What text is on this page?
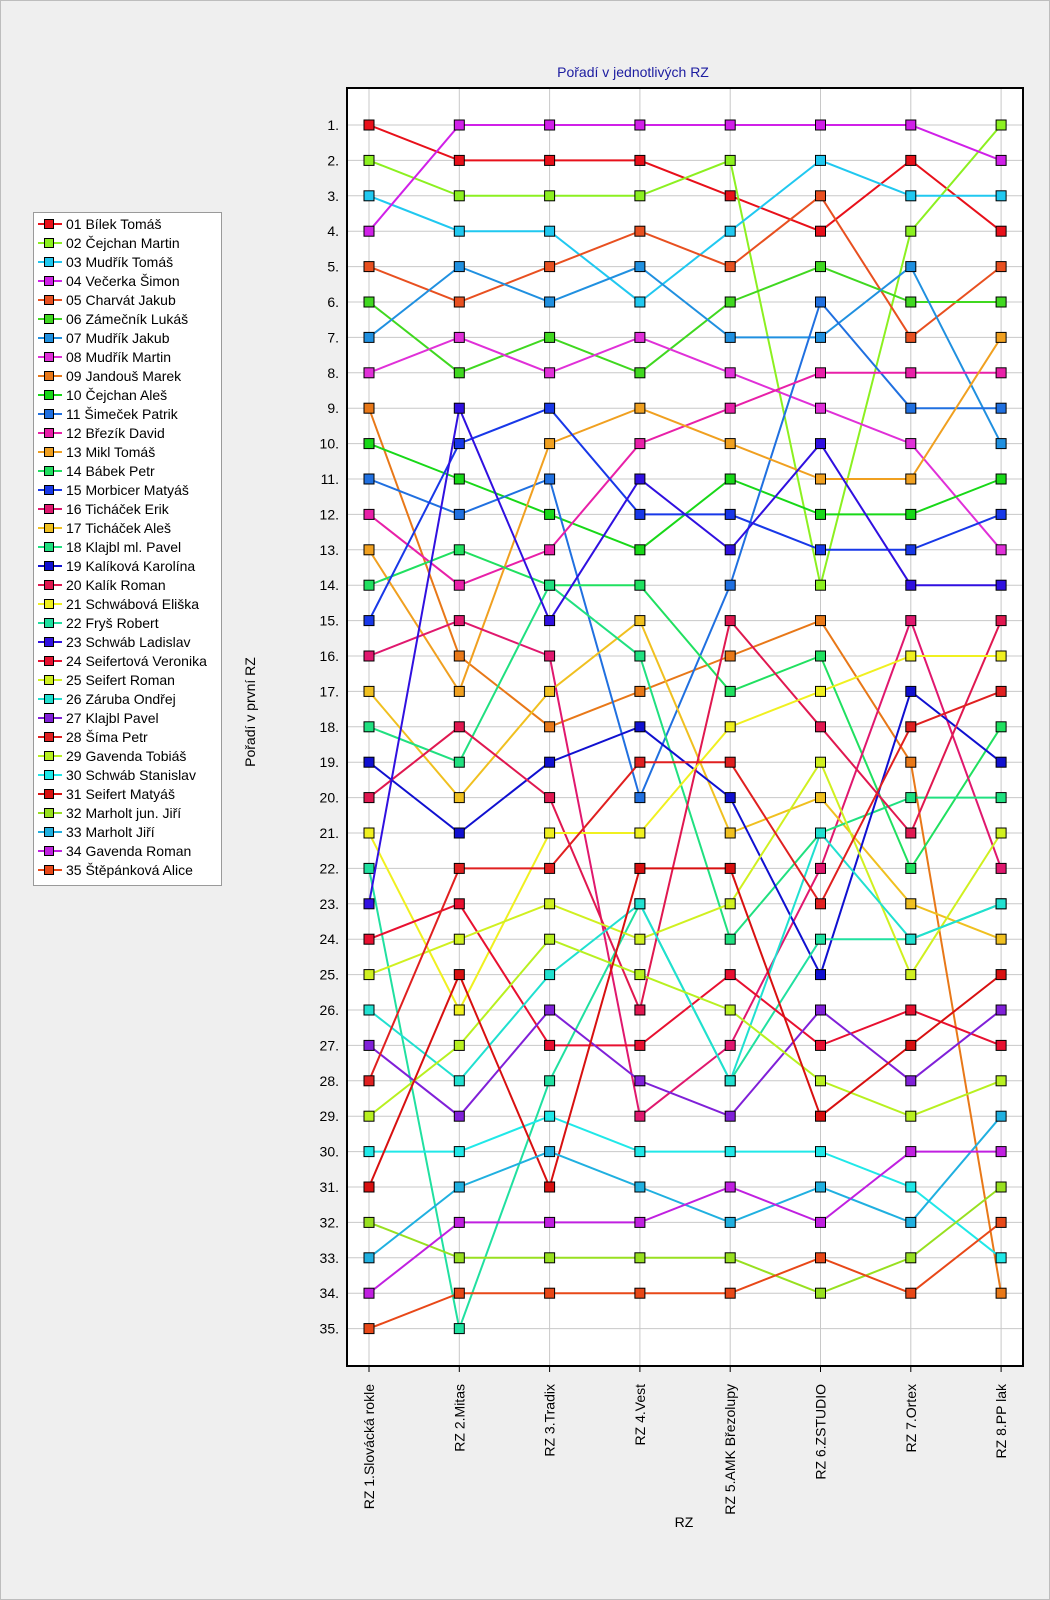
Pořadí v jednotlivých RZ
1.
2.
3.
4.
5.
6.
7.
8.
9.
10.
11.
12.
13.
14.
15.
16.
17.
18.
19.
20.
21.
22.
23.
24.
25.
26.
27.
28.
29.
30.
31.
32.
33.
34.
35.
RZ 1.Slovácká rokle	RZ 2.Mitas	RZ 3.Tradix	RZ 4.Vest	RZ 5.AMK Březolupy	RZ 6.ZSTUDIO	RZ 7.Ortex	RZ 8.PP lak
Pořadí v první RZ
RZ
01 Bílek Tomáš
02 Čejchan Martin
03 Mudřík Tomáš
04 Večerka Šimon
05 Charvát Jakub
06 Zámečník Lukáš
07 Mudřík Jakub
08 Mudřík Martin
09 Jandouš Marek
10 Čejchan Aleš
11 Šimeček Patrik
12 Březík David
13 Mikl Tomáš
14 Bábek Petr
15 Morbicer Matyáš
16 Ticháček Erik
17 Ticháček Aleš
18 Klajbl ml. Pavel
19 Kalíková Karolína
20 Kalík Roman
21 Schwábová Eliška
22 Fryš Robert
23 Schwáb Ladislav
24 Seifertová Veronika
25 Seifert Roman
26 Záruba Ondřej
27 Klajbl Pavel
28 Šíma Petr
29 Gavenda Tobiáš
30 Schwáb Stanislav
31 Seifert Matyáš
32 Marholt jun. Jiří
33 Marholt Jiří
34 Gavenda Roman
35 Štěpánková Alice
